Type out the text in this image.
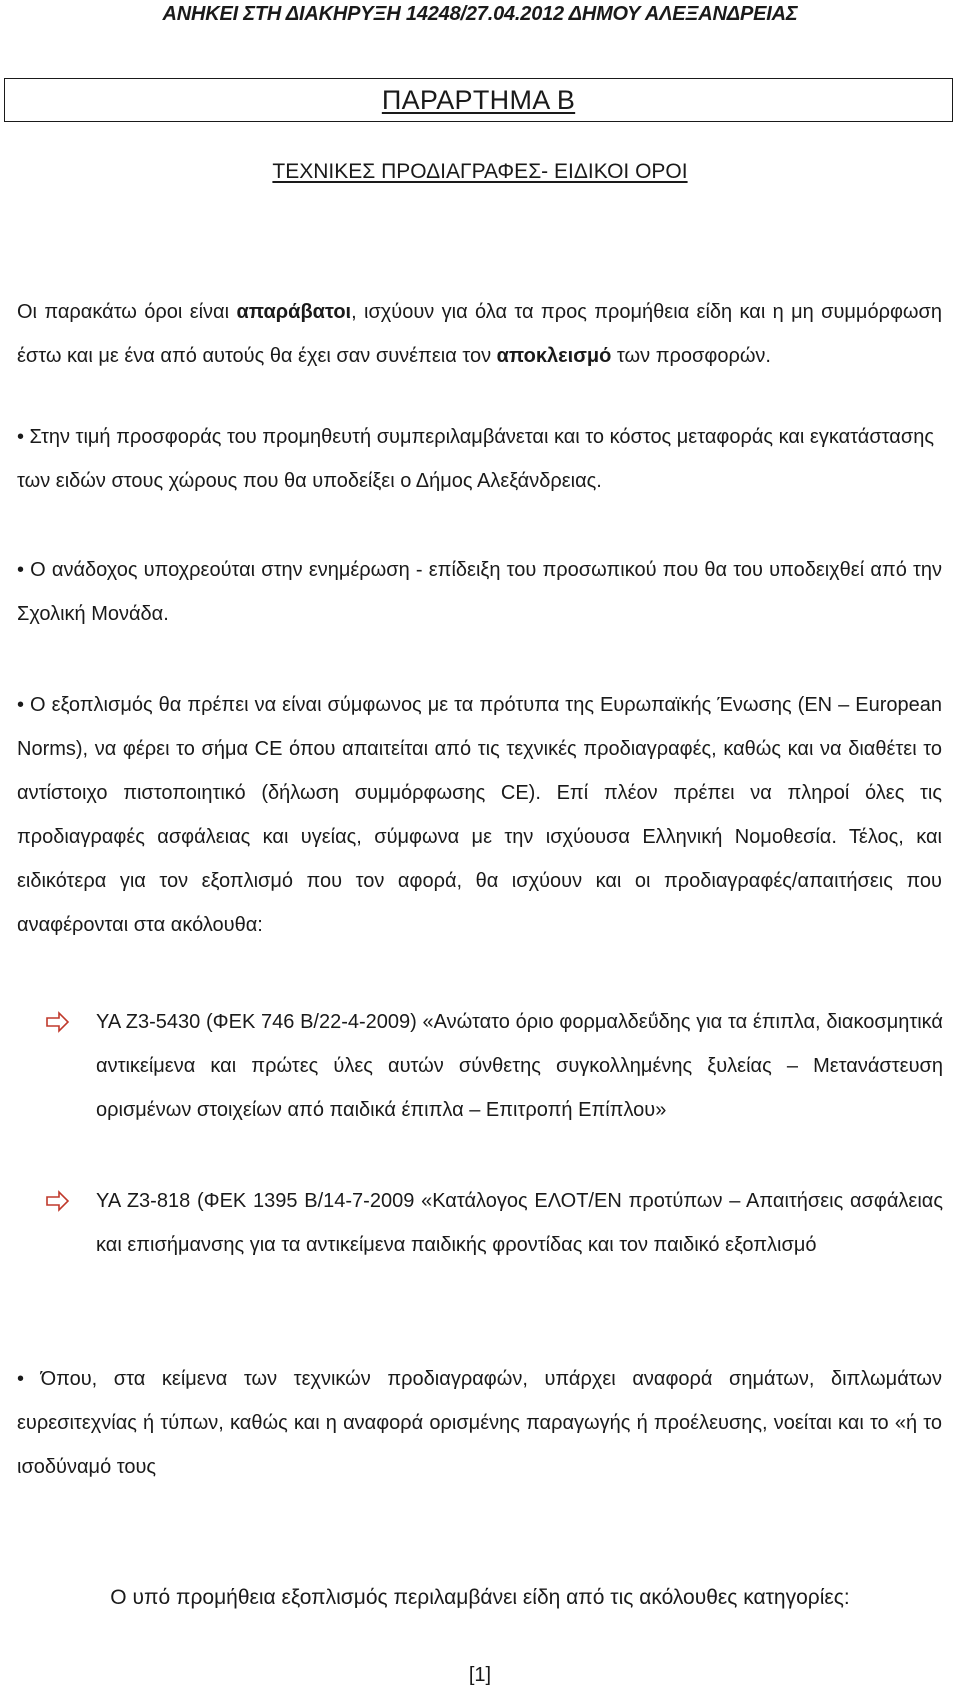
ΑΝΗΚΕΙ ΣΤΗ ΔΙΑΚΗΡΥΞΗ 14248/27.04.2012 ΔΗΜΟΥ ΑΛΕΞΑΝΔΡΕΙΑΣ
ΠΑΡΑΡΤΗΜΑ Β
ΤΕΧΝΙΚΕΣ ΠΡΟΔΙΑΓΡΑΦΕΣ- ΕΙΔΙΚΟΙ ΟΡΟΙ

Οι παρακάτω όροι είναι απαράβατοι, ισχύουν για όλα τα προς προμήθεια είδη και η μη συμμόρφωση έστω και με ένα από αυτούς θα έχει σαν συνέπεια τον αποκλεισμό των προσφορών.

• Στην τιμή προσφοράς του προμηθευτή συμπεριλαμβάνεται και το κόστος μεταφοράς και εγκατάστασης των ειδών στους χώρους που θα υποδείξει ο Δήμος Αλεξάνδρειας.

• Ο ανάδοχος υποχρεούται στην ενημέρωση - επίδειξη του προσωπικού που θα του υποδειχθεί από την Σχολική Μονάδα.

• Ο εξοπλισμός θα πρέπει να είναι σύμφωνος με τα πρότυπα της Ευρωπαϊκής Ένωσης (ΕΝ – European Norms), να φέρει το σήμα CE όπου απαιτείται από τις τεχνικές προδιαγραφές, καθώς και να διαθέτει το αντίστοιχο πιστοποιητικό (δήλωση συμμόρφωσης CE). Επί πλέον πρέπει να πληροί όλες τις προδιαγραφές ασφάλειας και υγείας, σύμφωνα με την ισχύουσα Ελληνική Νομοθεσία. Τέλος, και ειδικότερα για τον εξοπλισμό που τον αφορά, θα ισχύουν και οι προδιαγραφές/απαιτήσεις που αναφέρονται στα ακόλουθα:

ΥΑ Ζ3-5430 (ΦΕΚ 746 Β/22-4-2009) «Ανώτατο όριο φορμαλδεΰδης για τα έπιπλα, διακοσμητικά αντικείμενα και πρώτες ύλες αυτών σύνθετης συγκολλημένης ξυλείας – Μετανάστευση ορισμένων στοιχείων από παιδικά έπιπλα – Επιτροπή Επίπλου»

ΥΑ Ζ3-818 (ΦΕΚ 1395 Β/14-7-2009 «Κατάλογος ΕΛΟΤ/ΕΝ προτύπων – Απαιτήσεις ασφάλειας και επισήμανσης για τα αντικείμενα παιδικής φροντίδας και τον παιδικό εξοπλισμό

• Όπου, στα κείμενα των τεχνικών προδιαγραφών, υπάρχει αναφορά σημάτων, διπλωμάτων ευρεσιτεχνίας ή τύπων, καθώς και η αναφορά ορισμένης παραγωγής ή προέλευσης, νοείται και το «ή το ισοδύναμό τους

Ο υπό προμήθεια εξοπλισμός περιλαμβάνει είδη από τις ακόλουθες κατηγορίες:
[1]
